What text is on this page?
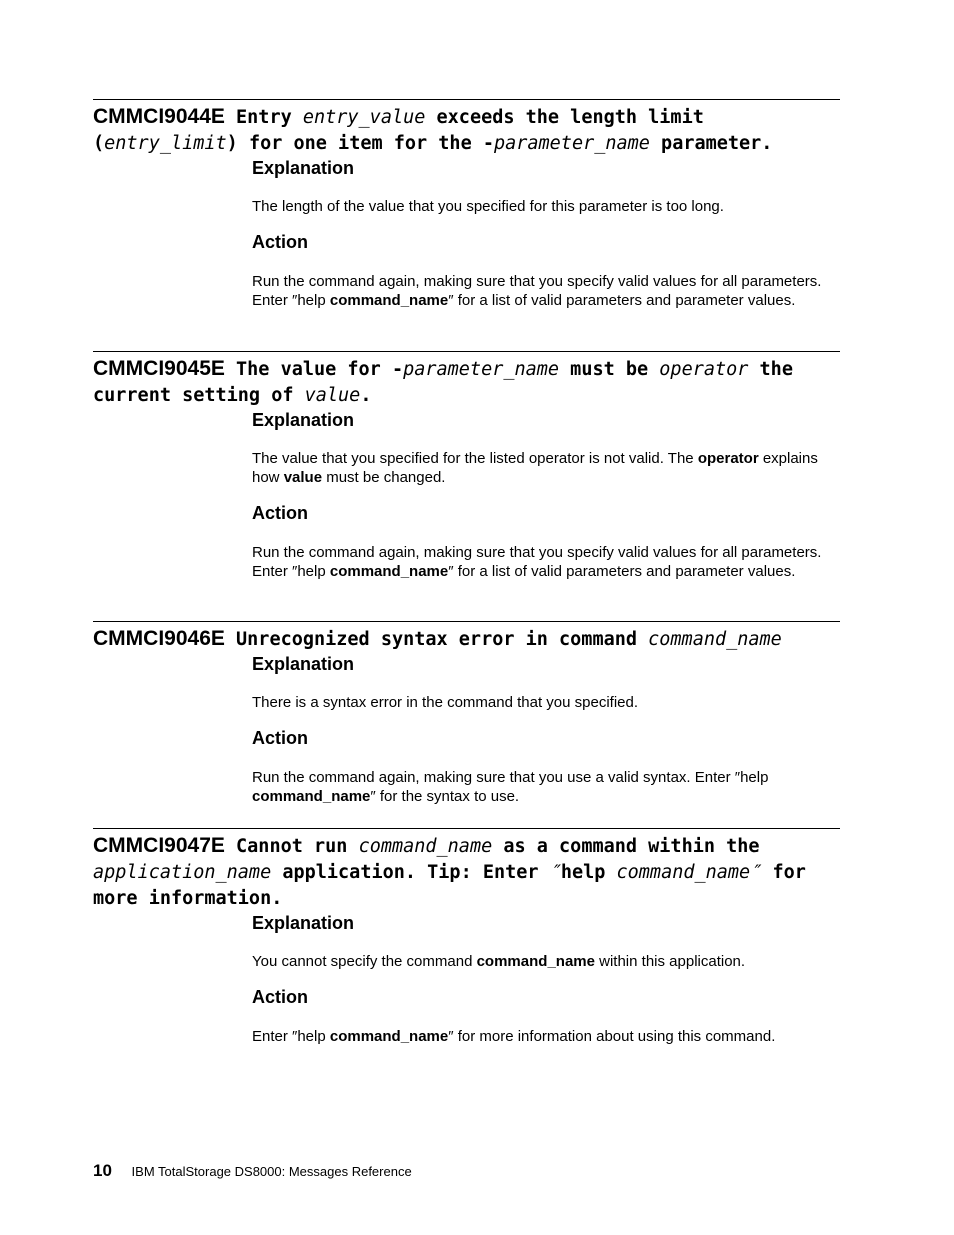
CMMCI9044E Entry entry_value exceeds the length limit (entry_limit) for one item for the -parameter_name parameter.

Explanation

The length of the value that you specified for this parameter is too long.

Action

Run the command again, making sure that you specify valid values for all parameters. Enter ″help command_name″ for a list of valid parameters and parameter values.

CMMCI9045E The value for -parameter_name must be operator the current setting of value.

Explanation

The value that you specified for the listed operator is not valid. The operator explains how value must be changed.

Action

Run the command again, making sure that you specify valid values for all parameters. Enter ″help command_name″ for a list of valid parameters and parameter values.

CMMCI9046E Unrecognized syntax error in command command_name

Explanation

There is a syntax error in the command that you specified.

Action

Run the command again, making sure that you use a valid syntax. Enter ″help command_name″ for the syntax to use.

CMMCI9047E Cannot run command_name as a command within the application_name application. Tip: Enter ″help command_name″ for more information.

Explanation

You cannot specify the command command_name within this application.

Action

Enter ″help command_name″ for more information about using this command.

10 IBM TotalStorage DS8000: Messages Reference
